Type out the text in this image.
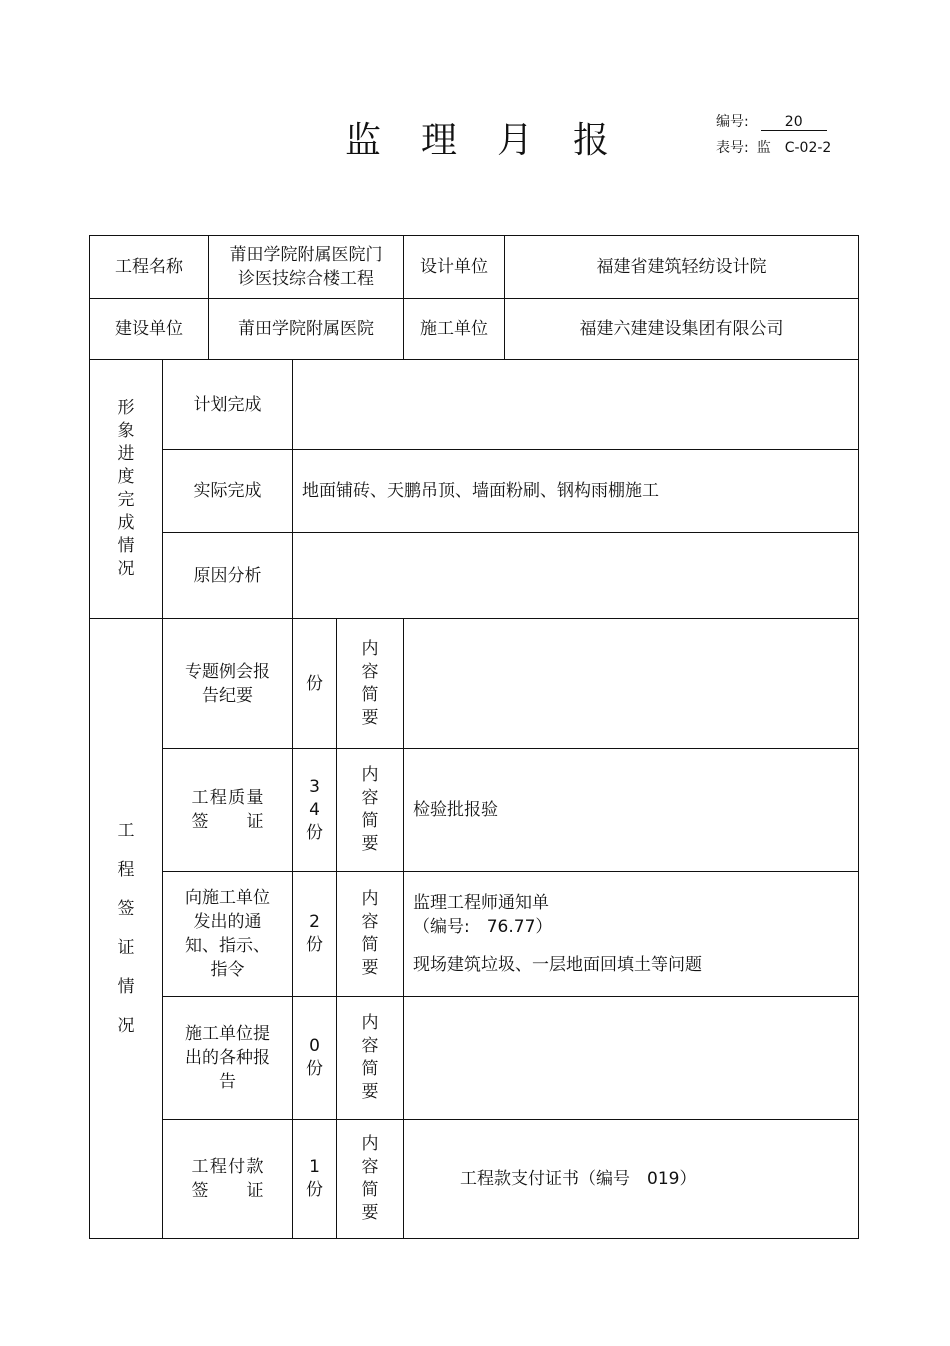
监理月报	编号:	20
表号: 监　C-02-2
工程名称		莆田学院附属医院门诊医技综合楼工程			设计单位	福建省建筑轻纺设计院
建设单位		莆田学院附属医院			施工单位	福建六建建设集团有限公司
形象进度完成情况	计划完成					
	实际完成		地面铺砖、天鹏吊顶、墙面粉刷、钢构雨棚施工			
	原因分析					
工程签证情况	专题例会报告纪要		份	内容简要		
	工程质量签证		34份	内容简要	检验批报验	
	向施工单位发出的通知、指示、指令		2份	内容简要	监理工程师通知单
（编号:　76.77）
现场建筑垃圾、一层地面回填土等问题	

	施工单位提出的各种报告		0份	内容简要		
	工程付款签证		1份	内容简要	工程款支付证书（编号　019）	
